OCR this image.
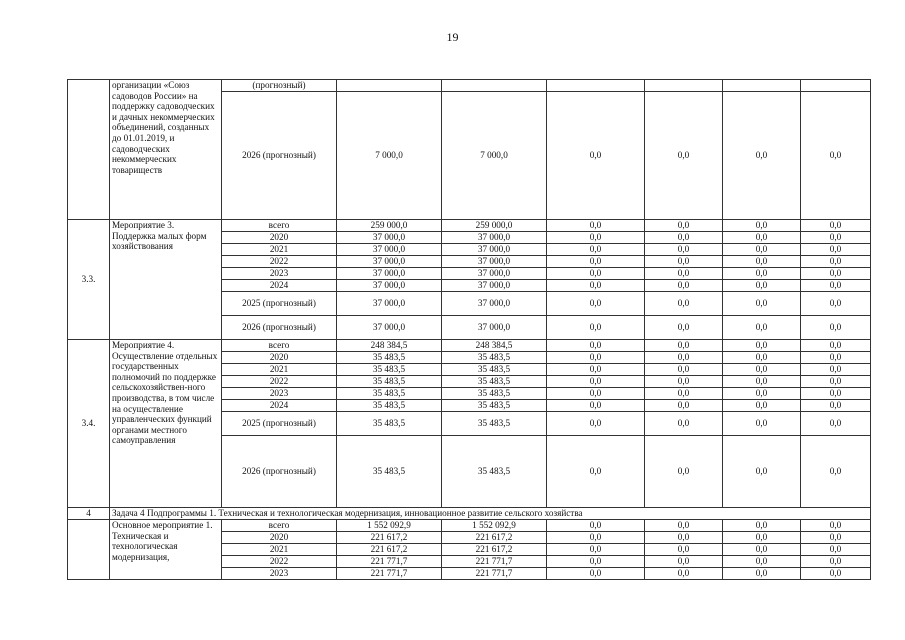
19
	организации «Союз садоводов России» на поддержку садоводческих и дачных некоммерческих объединений, созданных до 01.01.2019, и садоводческих некоммерческих товариществ	(прогнозный)						
		2026 (прогнозный)	7 000,0	7 000,0	0,0	0,0	0,0	0,0
3.3.	Мероприятие 3. Поддержка малых форм хозяйствования	всего	259 000,0	259 000,0	0,0	0,0	0,0	0,0
		2020	37 000,0	37 000,0	0,0	0,0	0,0	0,0
		2021	37 000,0	37 000,0	0,0	0,0	0,0	0,0
		2022	37 000,0	37 000,0	0,0	0,0	0,0	0,0
		2023	37 000,0	37 000,0	0,0	0,0	0,0	0,0
		2024	37 000,0	37 000,0	0,0	0,0	0,0	0,0
		2025 (прогнозный)	37 000,0	37 000,0	0,0	0,0	0,0	0,0
		2026 (прогнозный)	37 000,0	37 000,0	0,0	0,0	0,0	0,0
3.4.	Мероприятие 4. Осуществление отдельных государственных полномочий по поддержке сельскохозяйствен-ного производства, в том числе на осуществление управленческих функций органами местного самоуправления	всего	248 384,5	248 384,5	0,0	0,0	0,0	0,0
		2020	35 483,5	35 483,5	0,0	0,0	0,0	0,0
		2021	35 483,5	35 483,5	0,0	0,0	0,0	0,0
		2022	35 483,5	35 483,5	0,0	0,0	0,0	0,0
		2023	35 483,5	35 483,5	0,0	0,0	0,0	0,0
		2024	35 483,5	35 483,5	0,0	0,0	0,0	0,0
		2025 (прогнозный)	35 483,5	35 483,5	0,0	0,0	0,0	0,0
		2026 (прогнозный)	35 483,5	35 483,5	0,0	0,0	0,0	0,0
4	Задача 4 Подпрограммы 1. Техническая и технологическая модернизация, инновационное развитие сельского хозяйства							
	Основное мероприятие 1. Техническая и технологическая модернизация,	всего	1 552 092,9	1 552 092,9	0,0	0,0	0,0	0,0
		2020	221 617,2	221 617,2	0,0	0,0	0,0	0,0
		2021	221 617,2	221 617,2	0,0	0,0	0,0	0,0
		2022	221 771,7	221 771,7	0,0	0,0	0,0	0,0
		2023	221 771,7	221 771,7	0,0	0,0	0,0	0,0
